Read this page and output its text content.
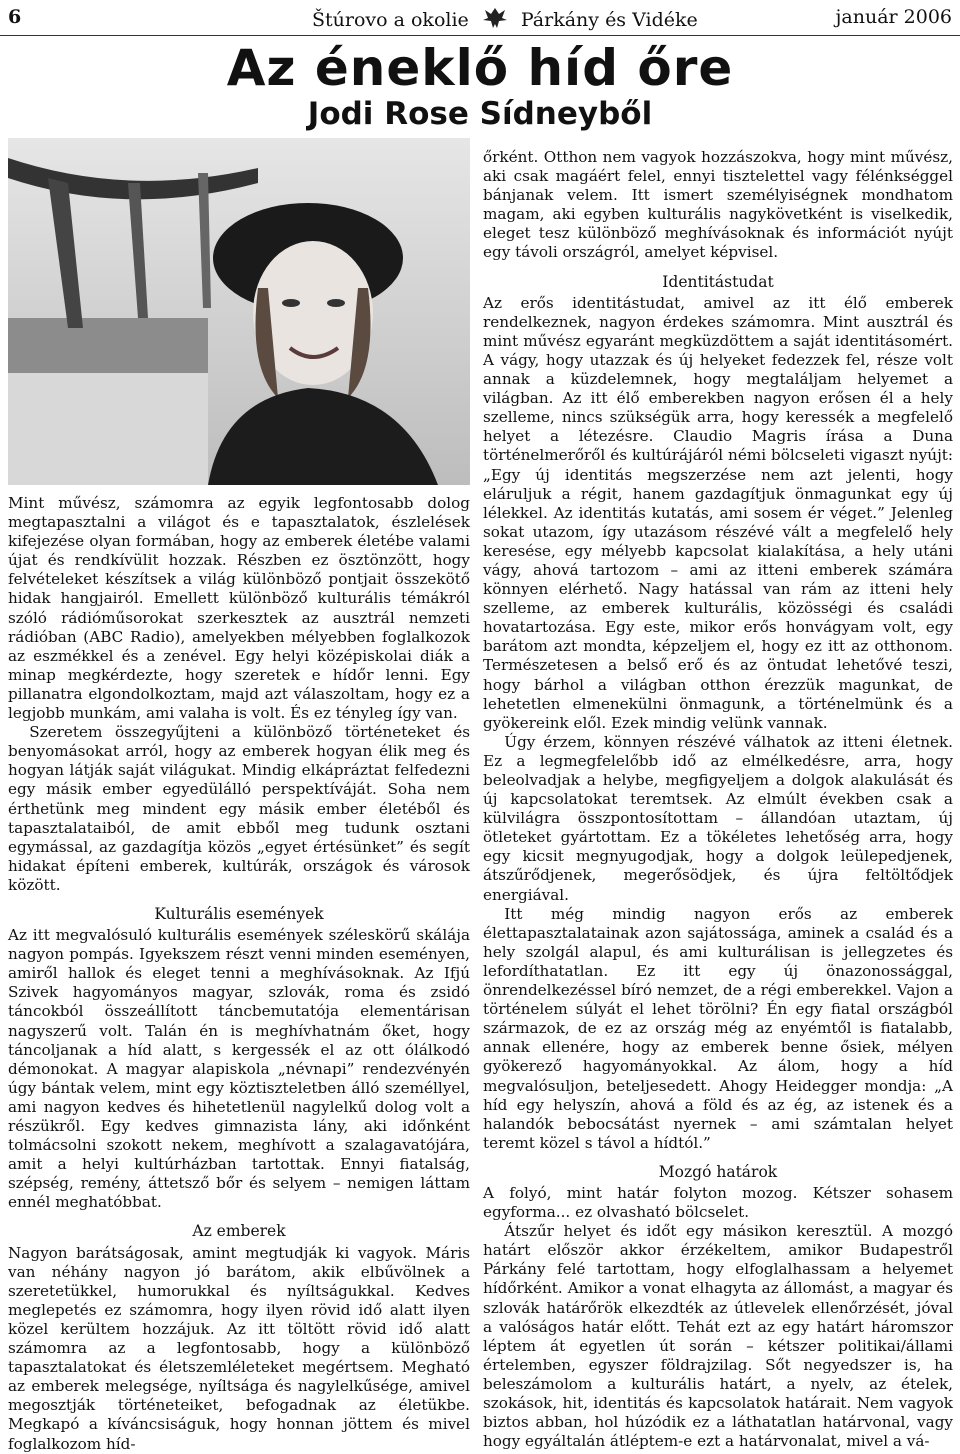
6	Štúrovo a okolie	Párkány és Vidéke	január 2006
Az éneklő híd őre
Jodi Rose Sídneyből

Mint művész, számomra az egyik legfontosabb dolog megtapasztalni a világot és e tapasztalatok, észlelések kifejezése olyan formában, hogy az emberek életébe valami újat és rendkívülit hozzak. Részben ez ösztönzött, hogy felvételeket készítsek a világ különböző pontjait összekötő hidak hangjairól. Emellett különböző kulturális témákról szóló rádióműsorokat szerkesztek az ausztrál nemzeti rádióban (ABC Radio), amelyekben mélyebben foglalkozok az eszmékkel és a zenével. Egy helyi középiskolai diák a minap megkérdezte, hogy szeretek e hídőr lenni. Egy pillanatra elgondolkoztam, majd azt válaszoltam, hogy ez a legjobb munkám, ami valaha is volt. És ez tényleg így van.

Szeretem összegyűjteni a különböző történeteket és benyomásokat arról, hogy az emberek hogyan élik meg és hogyan látják saját világukat. Mindig elkápráztat felfedezni egy másik ember egyedülálló perspektíváját. Soha nem érthetünk meg mindent egy másik ember életéből és tapasztalataiból, de amit ebből meg tudunk osztani egymással, az gazdagítja közös „egyet értésünket” és segít hidakat építeni emberek, kultúrák, országok és városok között.

Kulturális események

Az itt megvalósuló kulturális események széleskörű skálája nagyon pompás. Igyekszem részt venni minden eseményen, amiről hallok és eleget tenni a meghívásoknak. Az Ifjú Szivek hagyományos magyar, szlovák, roma és zsidó táncokból összeállított táncbemutatója elementárisan nagyszerű volt. Talán én is meghívhatnám őket, hogy táncoljanak a híd alatt, s kergessék el az ott ólálkodó démonokat. A magyar alapiskola „névnapi” rendezvényén úgy bántak velem, mint egy köztiszteletben álló személlyel, ami nagyon kedves és hihetetlenül nagylelkű dolog volt a részükről. Egy kedves gimnazista lány, aki időnként tolmácsolni szokott nekem, meghívott a szalagavatójára, amit a helyi kultúrházban tartottak. Ennyi fiatalság, szépség, remény, áttetsző bőr és selyem – nemigen láttam ennél meghatóbbat.

Az emberek

Nagyon barátságosak, amint megtudják ki vagyok. Máris van néhány nagyon jó barátom, akik elbűvölnek a szeretetükkel, humorukkal és nyíltságukkal. Kedves meglepetés ez számomra, hogy ilyen rövid idő alatt ilyen közel kerültem hozzájuk. Az itt töltött rövid idő alatt számomra az a legfontosabb, hogy a különböző tapasztalatokat és életszemléleteket megértsem. Megható az emberek melegsége, nyíltsága és nagylelkűsége, amivel megosztják történeteiket, befogadnak az életükbe. Megkapó a kíváncsiságuk, hogy honnan jöttem és mivel foglalkozom híd-

őrként. Otthon nem vagyok hozzászokva, hogy mint művész, aki csak magáért felel, ennyi tisztelettel vagy félénkséggel bánjanak velem. Itt ismert személyiségnek mondhatom magam, aki egyben kulturális nagykövetként is viselkedik, eleget tesz különböző meghívásoknak és információt nyújt egy távoli országról, amelyet képvisel.

Identitástudat

Az erős identitástudat, amivel az itt élő emberek rendelkeznek, nagyon érdekes számomra. Mint ausztrál és mint művész egyaránt megküzdöttem a saját identitásomért. A vágy, hogy utazzak és új helyeket fedezzek fel, része volt annak a küzdelemnek, hogy megtaláljam helyemet a világban. Az itt élő emberekben nagyon erősen él a hely szelleme, nincs szükségük arra, hogy keressék a megfelelő helyet a létezésre. Claudio Magris írása a Duna történelmerőről és kultúrájáról némi bölcseleti vigaszt nyújt: „Egy új identitás megszerzése nem azt jelenti, hogy eláruljuk a régit, hanem gazdagítjuk önmagunkat egy új lélekkel. Az identitás kutatás, ami sosem ér véget.” Jelenleg sokat utazom, így utazásom részévé vált a megfelelő hely keresése, egy mélyebb kapcsolat kialakítása, a hely utáni vágy, ahová tartozom – ami az itteni emberek számára könnyen elérhető. Nagy hatással van rám az itteni hely szelleme, az emberek kulturális, közösségi és családi hovatartozása. Egy este, mikor erős honvágyam volt, egy barátom azt mondta, képzeljem el, hogy ez itt az otthonom. Természetesen a belső erő és az öntudat lehetővé teszi, hogy bárhol a világban otthon érezzük magunkat, de lehetetlen elmenekülni önmagunk, a történelmünk és a gyökereink elől. Ezek mindig velünk vannak.

Úgy érzem, könnyen részévé válhatok az itteni életnek. Ez a legmegfelelőbb idő az elmélkedésre, arra, hogy beleolvadjak a helybe, megfigyeljem a dolgok alakulását és új kapcsolatokat teremtsek. Az elmúlt években csak a külvilágra összpontosítottam – állandóan utaztam, új ötleteket gyártottam. Ez a tökéletes lehetőség arra, hogy egy kicsit megnyugodjak, hogy a dolgok leülepedjenek, átszűrődjenek, megerősödjek, és újra feltöltődjek energiával.

Itt még mindig nagyon erős az emberek élettapasztalatainak azon sajátossága, aminek a család és a hely szolgál alapul, és ami kulturálisan is jellegzetes és lefordíthatatlan. Ez itt egy új önazonossággal, önrendelkezéssel bíró nemzet, de a régi emberekkel. Vajon a történelem súlyát el lehet törölni? Én egy fiatal országból származok, de ez az ország még az enyémtől is fiatalabb, annak ellenére, hogy az emberek benne ősiek, mélyen gyökerező hagyományokkal. Az álom, hogy a híd megvalósuljon, beteljesedett. Ahogy Heidegger mondja: „A híd egy helyszín, ahová a föld és az ég, az istenek és a halandók bebocsátást nyernek – ami számtalan helyet teremt közel s távol a hídtól.”

Mozgó határok

A folyó, mint határ folyton mozog. Kétszer sohasem egyforma... ez olvasható bölcselet.

Átszűr helyet és időt egy másikon keresztül. A mozgó határt először akkor érzékeltem, amikor Budapestről Párkány felé tartottam, hogy elfoglalhassam a helyemet hídőrként. Amikor a vonat elhagyta az állomást, a magyar és szlovák határőrök elkezdték az útlevelek ellenőrzését, jóval a valóságos határ előtt. Tehát ezt az egy határt háromszor léptem át egyetlen út során – kétszer politikai/állami értelemben, egyszer földrajzilag. Sőt negyedszer is, ha beleszámolom a kulturális határt, a nyelv, az ételek, szokások, hit, identitás és kapcsolatok határait. Nem vagyok biztos abban, hol húzódik ez a láthatatlan határvonal, vagy hogy egyáltalán átléptem-e ezt a határvonalat, mivel a vá-
